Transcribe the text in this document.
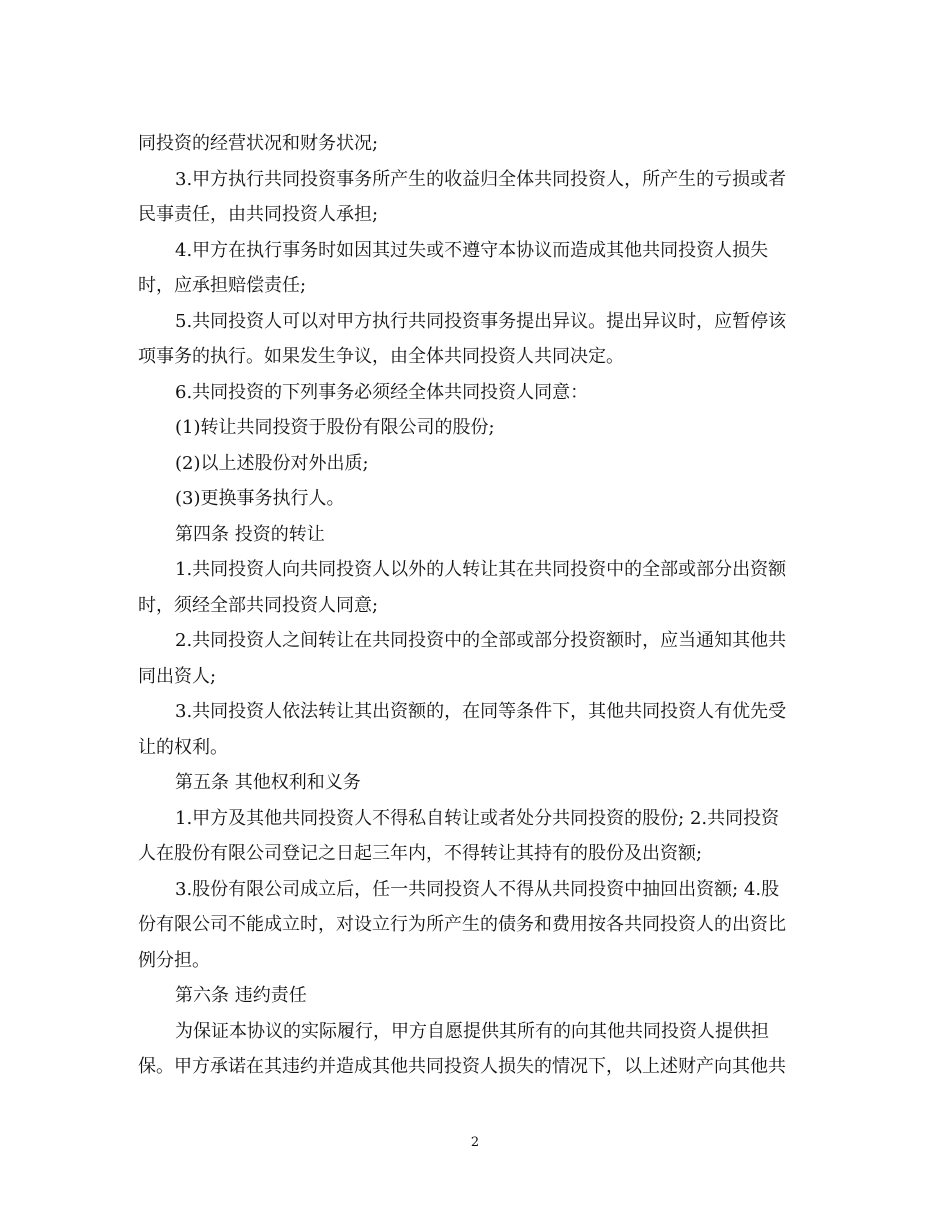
同投资的经营状况和财务状况;
3.甲方执行共同投资事务所产生的收益归全体共同投资人，所产生的亏损或者
民事责任，由共同投资人承担;
4.甲方在执行事务时如因其过失或不遵守本协议而造成其他共同投资人损失
时，应承担赔偿责任;
5.共同投资人可以对甲方执行共同投资事务提出异议。提出异议时，应暂停该
项事务的执行。如果发生争议，由全体共同投资人共同决定。
6.共同投资的下列事务必须经全体共同投资人同意：
(1)转让共同投资于股份有限公司的股份;
(2)以上述股份对外出质;
(3)更换事务执行人。
第四条 投资的转让
1.共同投资人向共同投资人以外的人转让其在共同投资中的全部或部分出资额
时，须经全部共同投资人同意;
2.共同投资人之间转让在共同投资中的全部或部分投资额时，应当通知其他共
同出资人;
3.共同投资人依法转让其出资额的，在同等条件下，其他共同投资人有优先受
让的权利。
第五条 其他权利和义务
1.甲方及其他共同投资人不得私自转让或者处分共同投资的股份; 2.共同投资
人在股份有限公司登记之日起三年内，不得转让其持有的股份及出资额;
3.股份有限公司成立后，任一共同投资人不得从共同投资中抽回出资额; 4.股
份有限公司不能成立时，对设立行为所产生的债务和费用按各共同投资人的出资比
例分担。
第六条 违约责任
为保证本协议的实际履行，甲方自愿提供其所有的向其他共同投资人提供担
保。甲方承诺在其违约并造成其他共同投资人损失的情况下，以上述财产向其他共
2
